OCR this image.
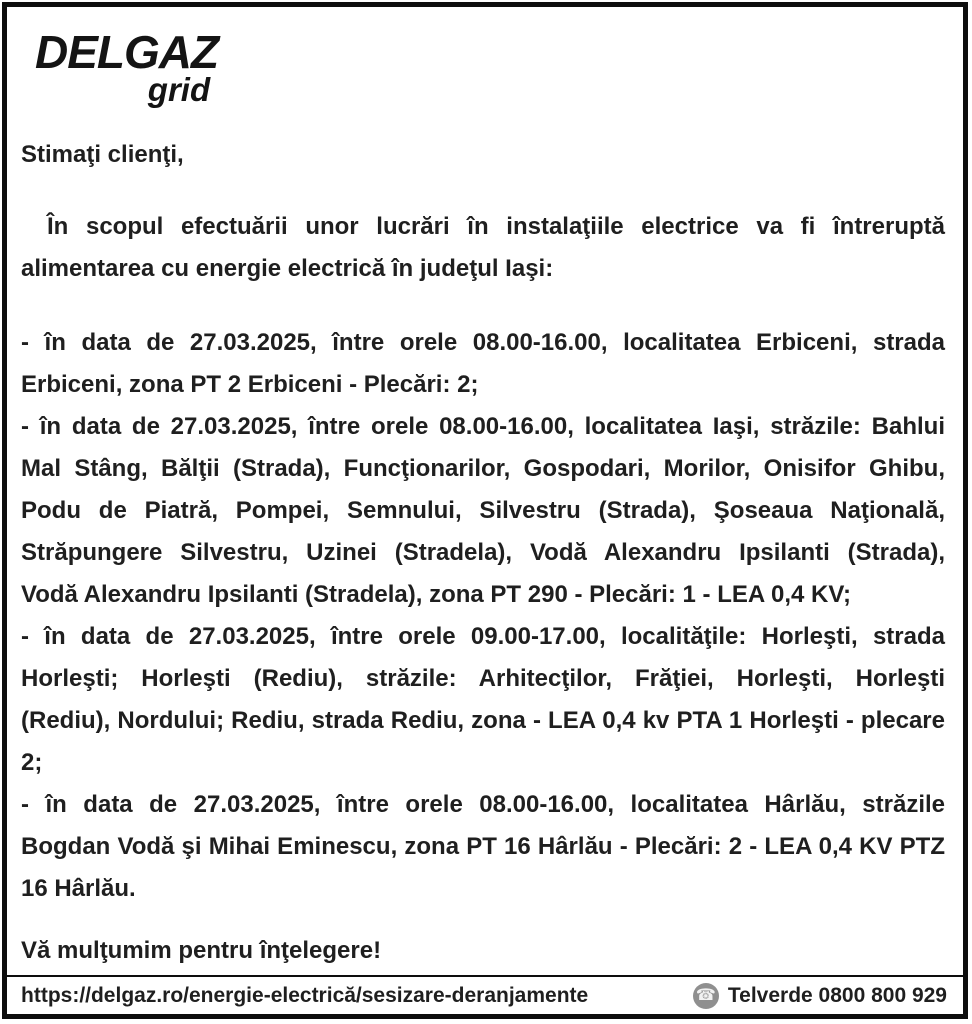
DELGAZ
grid

Stimaţi clienţi,

În scopul efectuării unor lucrări în instalaţiile electrice va fi întreruptă
alimentarea cu energie electrică în judeţul Iaşi:
- în data de 27.03.2025, între orele 08.00-16.00, localitatea Erbiceni, strada
Erbiceni, zona PT 2 Erbiceni - Plecări: 2;
- în data de 27.03.2025, între orele 08.00-16.00, localitatea Iaşi, străzile: Bahlui
Mal Stâng, Bălţii (Strada), Funcţionarilor, Gospodari, Morilor, Onisifor Ghibu,
Podu de Piatră, Pompei, Semnului, Silvestru (Strada), Şoseaua Naţională,
Străpungere Silvestru, Uzinei (Stradela), Vodă Alexandru Ipsilanti (Strada),
Vodă Alexandru Ipsilanti (Stradela), zona PT 290 - Plecări: 1 - LEA 0,4 KV;
- în data de 27.03.2025, între orele 09.00-17.00, localităţile: Horleşti, strada
Horleşti; Horleşti (Rediu), străzile: Arhitecţilor, Frăţiei, Horleşti, Horleşti
(Rediu), Nordului; Rediu, strada Rediu, zona - LEA 0,4 kv PTA 1 Horleşti - plecare
2;
- în data de 27.03.2025, între orele 08.00-16.00, localitatea Hârlău, străzile
Bogdan Vodă şi Mihai Eminescu, zona PT 16 Hârlău - Plecări: 2 - LEA 0,4 KV PTZ
16 Hârlău.

Vă mulţumim pentru înţelegere!

https://delgaz.ro/energie-electrică/sesizare-deranjamente	☎ Telverde 0800 800 929
